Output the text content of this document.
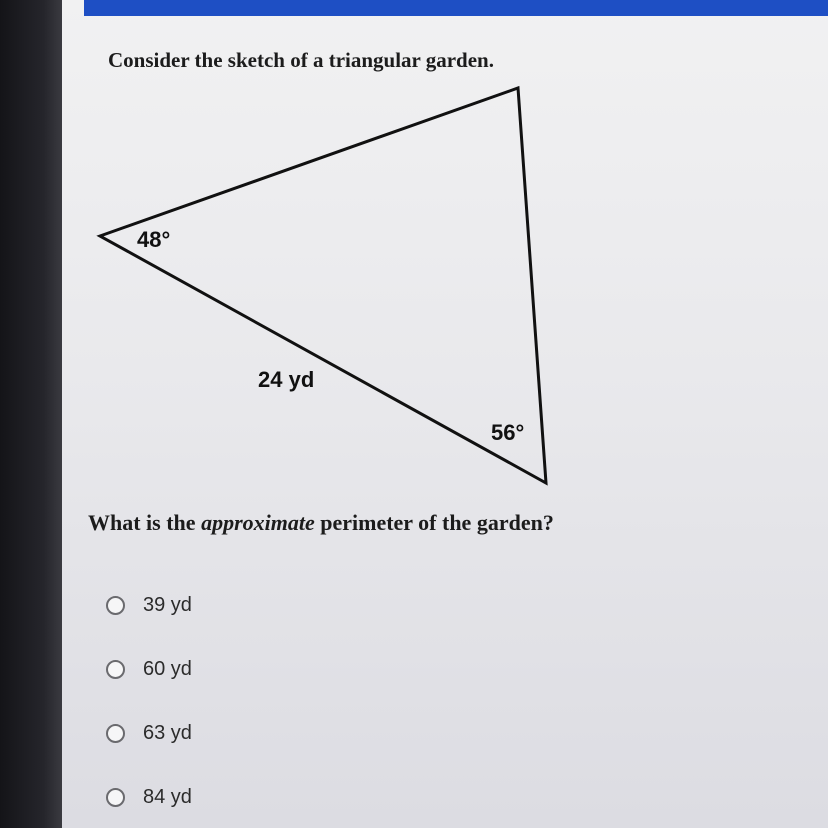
Consider the sketch of a triangular garden.

48°
24 yd
56°

What is the approximate perimeter of the garden?

39 yd
60 yd
63 yd
84 yd
